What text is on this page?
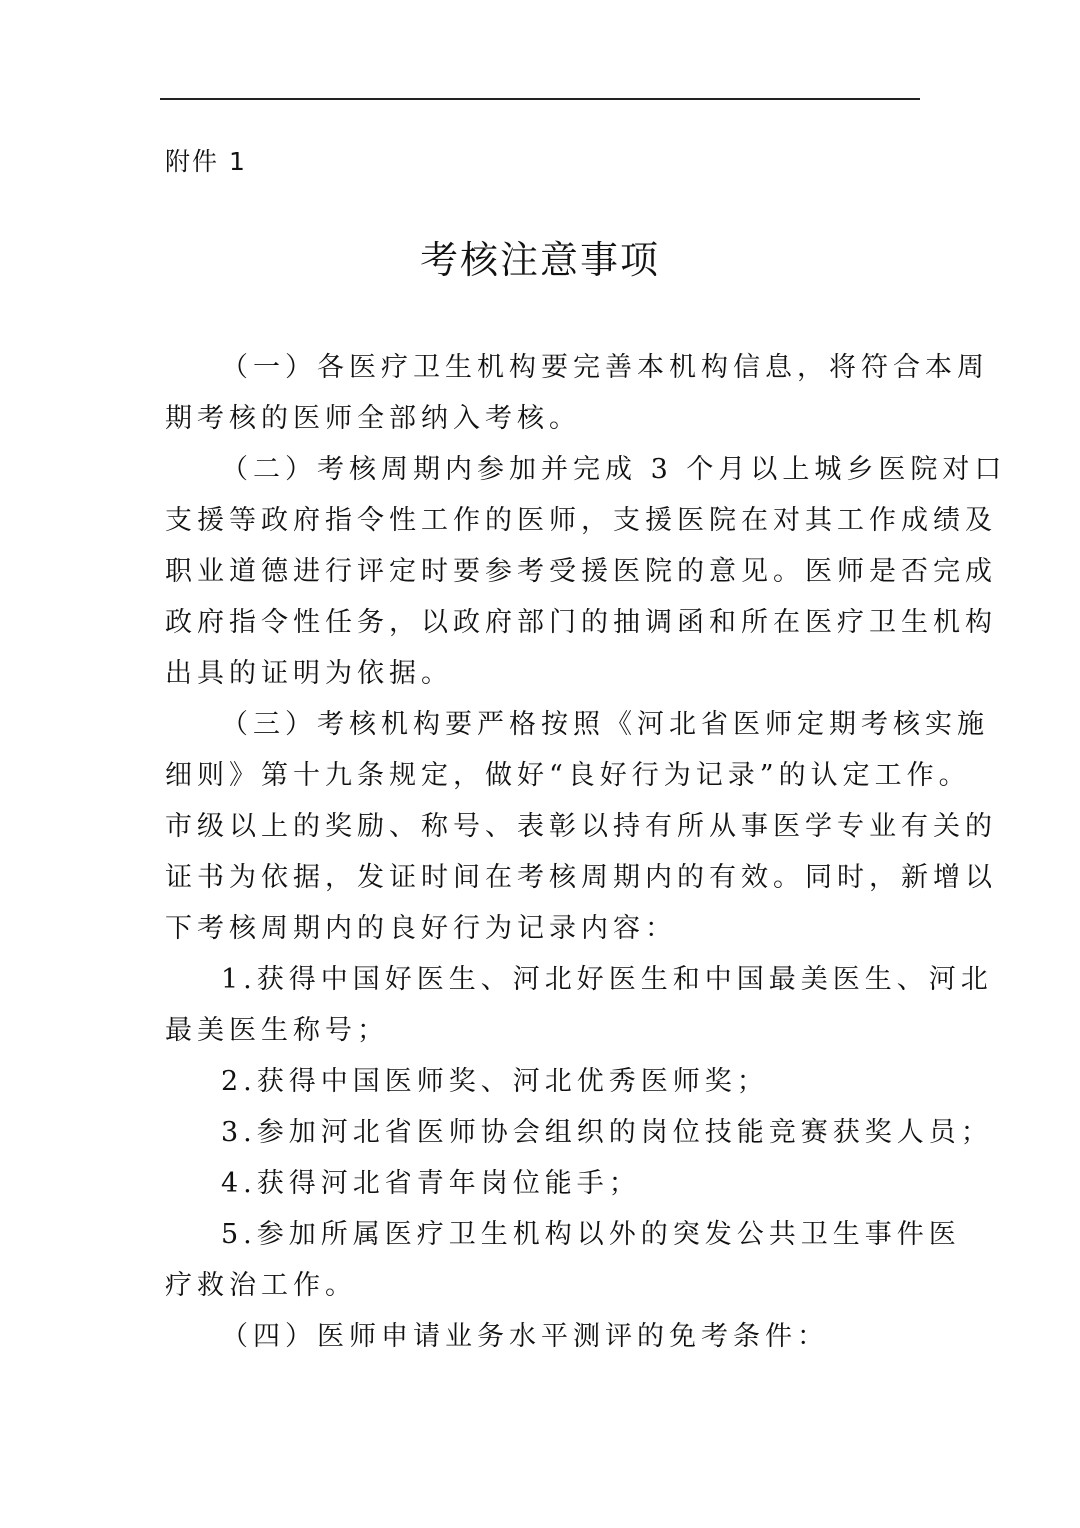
附件 1
考核注意事项
（一）各医疗卫生机构要完善本机构信息，将符合本周
期考核的医师全部纳入考核。
（二）考核周期内参加并完成 3 个月以上城乡医院对口
支援等政府指令性工作的医师，支援医院在对其工作成绩及
职业道德进行评定时要参考受援医院的意见。医师是否完成
政府指令性任务，以政府部门的抽调函和所在医疗卫生机构
出具的证明为依据。
（三）考核机构要严格按照《河北省医师定期考核实施
细则》第十九条规定，做好“良好行为记录”的认定工作。
市级以上的奖励、称号、表彰以持有所从事医学专业有关的
证书为依据，发证时间在考核周期内的有效。同时，新增以
下考核周期内的良好行为记录内容：
1.获得中国好医生、河北好医生和中国最美医生、河北
最美医生称号；
2.获得中国医师奖、河北优秀医师奖；
3.参加河北省医师协会组织的岗位技能竞赛获奖人员；
4.获得河北省青年岗位能手；
5.参加所属医疗卫生机构以外的突发公共卫生事件医
疗救治工作。
（四）医师申请业务水平测评的免考条件：
